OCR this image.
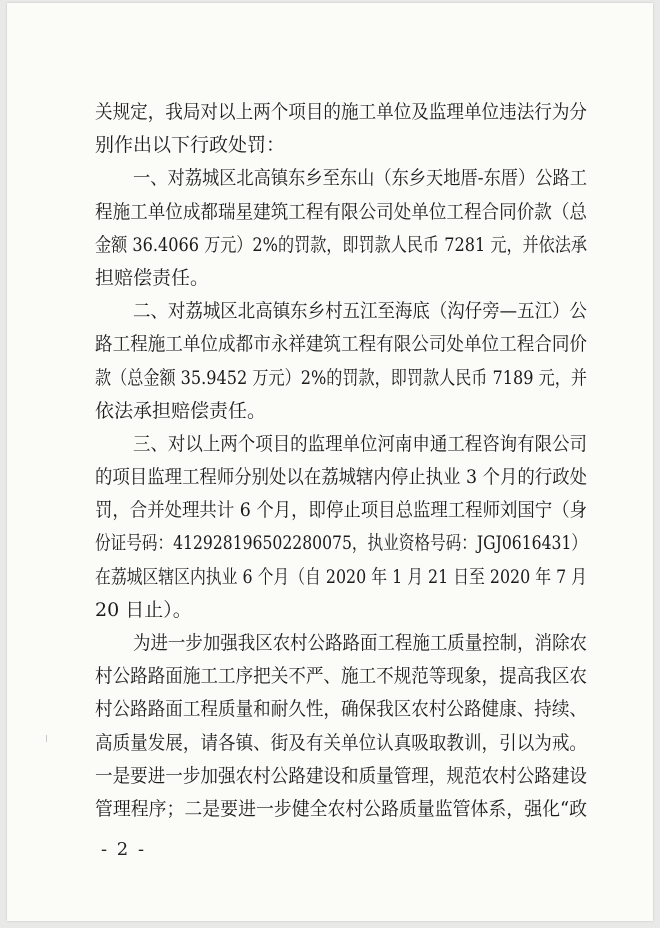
关规定，我局对以上两个项目的施工单位及监理单位违法行为分
别作出以下行政处罚：
一、对荔城区北高镇东乡至东山（东乡天地厝-东厝）公路工
程施工单位成都瑞星建筑工程有限公司处单位工程合同价款（总
金额 36.4066 万元）2%的罚款，即罚款人民币 7281 元，并依法承
担赔偿责任。
二、对荔城区北高镇东乡村五江至海底（沟仔旁—五江）公
路工程施工单位成都市永祥建筑工程有限公司处单位工程合同价
款（总金额 35.9452 万元）2%的罚款，即罚款人民币 7189 元，并
依法承担赔偿责任。
三、对以上两个项目的监理单位河南申通工程咨询有限公司
的项目监理工程师分别处以在荔城辖内停止执业 3 个月的行政处
罚，合并处理共计 6 个月，即停止项目总监理工程师刘国宁（身
份证号码：412928196502280075，执业资格号码：JGJ0616431）
在荔城区辖区内执业 6 个月（自 2020 年 1 月 21 日至 2020 年 7 月
20 日止）。
为进一步加强我区农村公路路面工程施工质量控制，消除农
村公路路面施工工序把关不严、施工不规范等现象，提高我区农
村公路路面工程质量和耐久性，确保我区农村公路健康、持续、
高质量发展，请各镇、街及有关单位认真吸取教训，引以为戒。
一是要进一步加强农村公路建设和质量管理，规范农村公路建设
管理程序；二是要进一步健全农村公路质量监管体系，强化“政
- 2 -
